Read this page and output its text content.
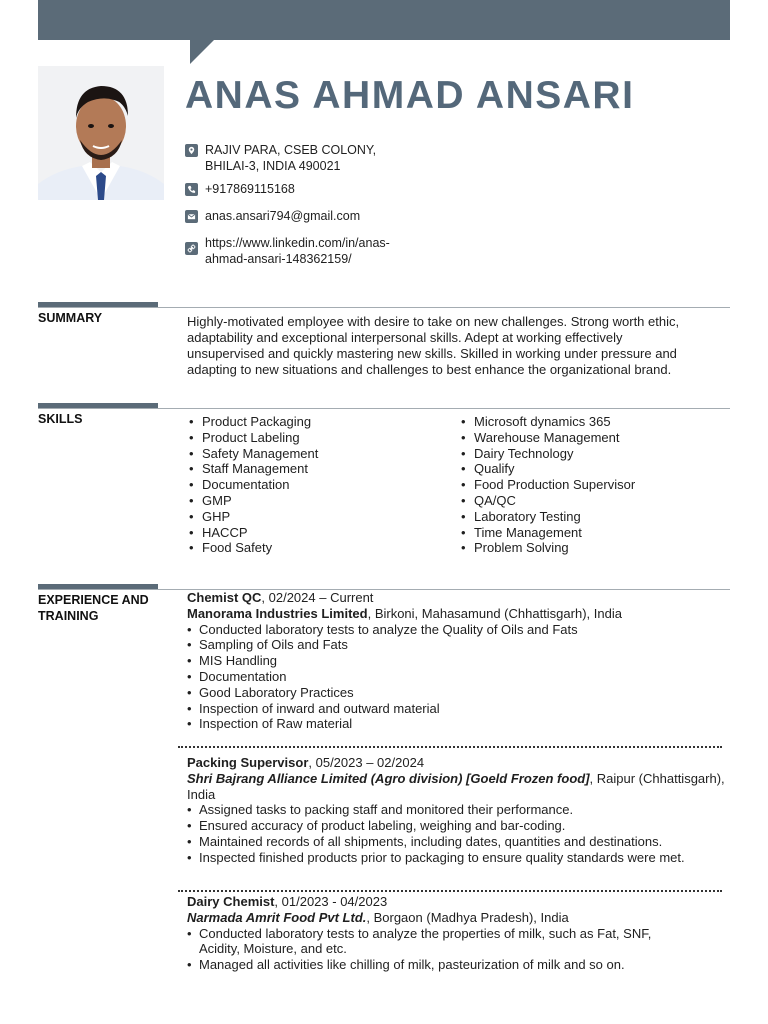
ANAS AHMAD ANSARI
RAJIV PARA, CSEB COLONY,
BHILAI-3, INDIA 490021
+917869115168
anas.ansari794@gmail.com
https://www.linkedin.com/in/anas-
ahmad-ansari-148362159/
SUMMARY	Highly-motivated employee with desire to take on new challenges. Strong worth ethic,
adaptability and exceptional interpersonal skills. Adept at working effectively
unsupervised and quickly mastering new skills. Skilled in working under pressure and
adapting to new situations and challenges to best enhance the organizational brand.
SKILLS
•	Product Packaging
• Product Labeling
• Safety Management
• Staff Management
• Documentation
• GMP
• GHP
• HACCP
• Food Safety
• Microsoft dynamics 365
• Warehouse Management
• Dairy Technology
• Qualify
• Food Production Supervisor
• QA/QC
• Laboratory Testing
• Time Management
• Problem Solving
EXPERIENCE AND
TRAINING
Chemist QC, 02/2024 – Current
Manorama Industries Limited, Birkoni, Mahasamund (Chhattisgarh), India
• Conducted laboratory tests to analyze the Quality of Oils and Fats
• Sampling of Oils and Fats
• MIS Handling
• Documentation
• Good Laboratory Practices
• Inspection of inward and outward material
• Inspection of Raw material
Packing Supervisor, 05/2023 – 02/2024
Shri Bajrang Alliance Limited (Agro division) [Goeld Frozen food], Raipur (Chhattisgarh),
India
• Assigned tasks to packing staff and monitored their performance.
• Ensured accuracy of product labeling, weighing and bar-coding.
• Maintained records of all shipments, including dates, quantities and destinations.
• Inspected finished products prior to packaging to ensure quality standards were met.
Dairy Chemist, 01/2023 - 04/2023
Narmada Amrit Food Pvt Ltd., Borgaon (Madhya Pradesh), India
• Conducted laboratory tests to analyze the properties of milk, such as Fat, SNF, Acidity, Moisture, and etc.
• Managed all activities like chilling of milk, pasteurization of milk and so on.
